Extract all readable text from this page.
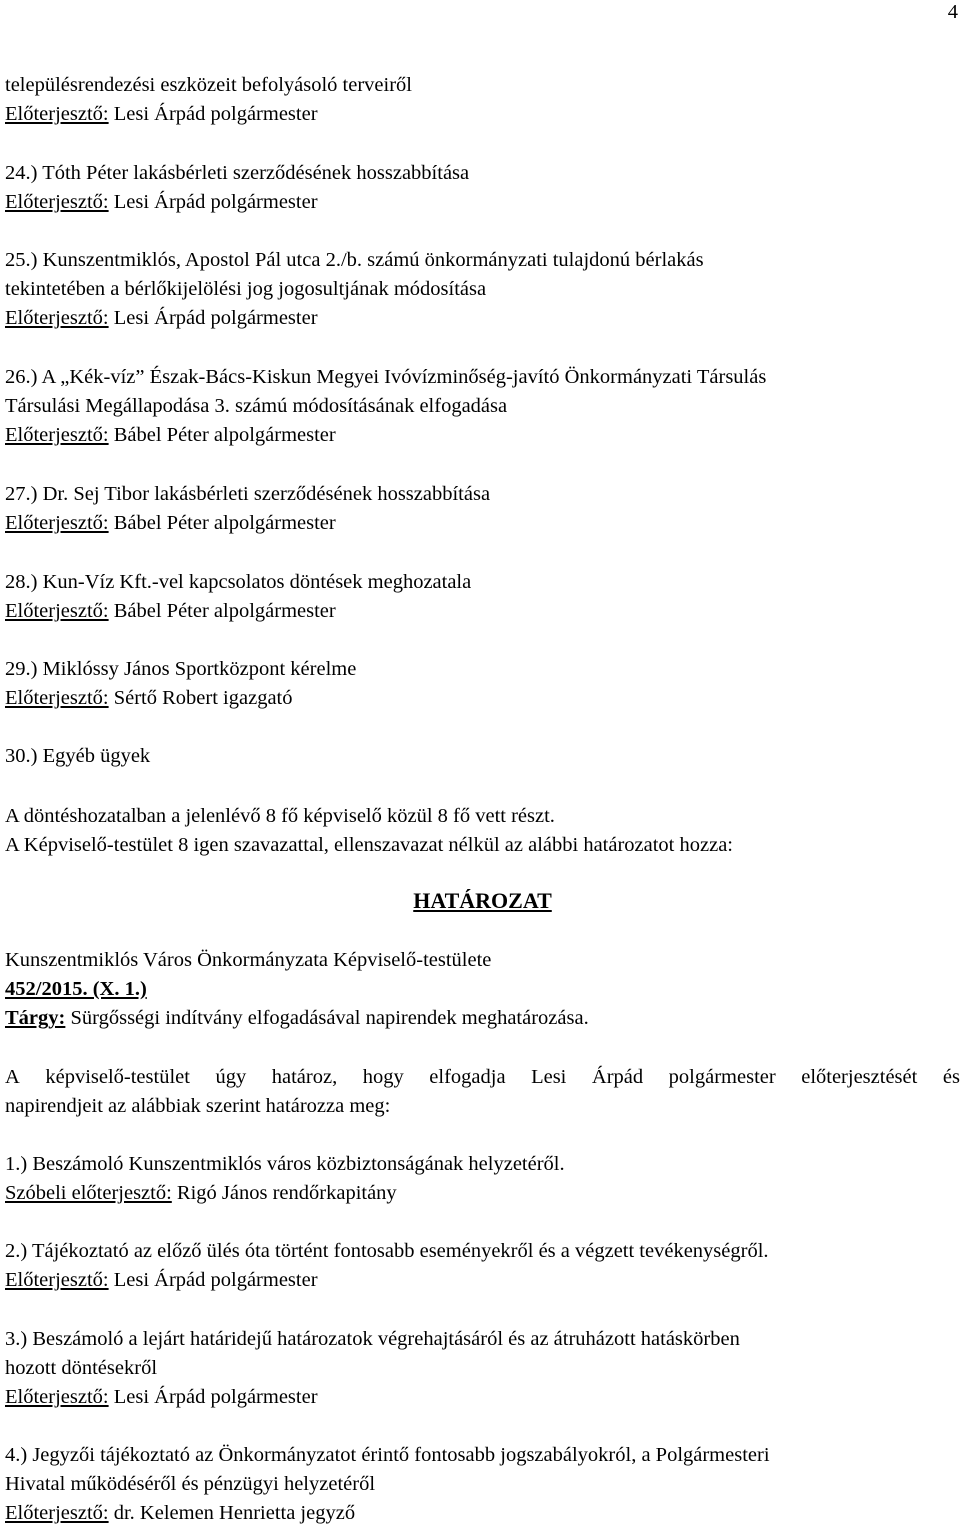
4
településrendezési eszközeit befolyásoló terveiről
Előterjesztő: Lesi Árpád polgármester
24.) Tóth Péter lakásbérleti szerződésének hosszabbítása
Előterjesztő: Lesi Árpád polgármester
25.) Kunszentmiklós, Apostol Pál utca 2./b. számú önkormányzati tulajdonú bérlakás
tekintetében a bérlőkijelölési jog jogosultjának módosítása
Előterjesztő: Lesi Árpád polgármester
26.) A „Kék-víz” Észak-Bács-Kiskun Megyei Ivóvízminőség-javító Önkormányzati Társulás
Társulási Megállapodása 3. számú módosításának elfogadása
Előterjesztő: Bábel Péter alpolgármester
27.) Dr. Sej Tibor lakásbérleti szerződésének hosszabbítása
Előterjesztő: Bábel Péter alpolgármester
28.) Kun-Víz Kft.-vel kapcsolatos döntések meghozatala
Előterjesztő: Bábel Péter alpolgármester
29.) Miklóssy János Sportközpont kérelme
Előterjesztő: Sértő Robert igazgató
30.) Egyéb ügyek
A döntéshozatalban a jelenlévő 8 fő képviselő közül 8 fő vett részt.
A Képviselő-testület 8 igen szavazattal, ellenszavazat nélkül az alábbi határozatot hozza:
HATÁROZAT
Kunszentmiklós Város Önkormányzata Képviselő-testülete
452/2015. (X. 1.)
Tárgy: Sürgősségi indítvány elfogadásával napirendek meghatározása.
A képviselő-testület úgy határoz, hogy elfogadja Lesi Árpád polgármester előterjesztését és
napirendjeit az alábbiak szerint határozza meg:
1.) Beszámoló Kunszentmiklós város közbiztonságának helyzetéről.
Szóbeli előterjesztő: Rigó János rendőrkapitány
2.) Tájékoztató az előző ülés óta történt fontosabb eseményekről és a végzett tevékenységről.
Előterjesztő: Lesi Árpád polgármester
3.) Beszámoló a lejárt határidejű határozatok végrehajtásáról és az átruházott hatáskörben
hozott döntésekről
Előterjesztő: Lesi Árpád polgármester
4.) Jegyzői tájékoztató az Önkormányzatot érintő fontosabb jogszabályokról, a Polgármesteri
Hivatal működéséről és pénzügyi helyzetéről
Előterjesztő: dr. Kelemen Henrietta jegyző
